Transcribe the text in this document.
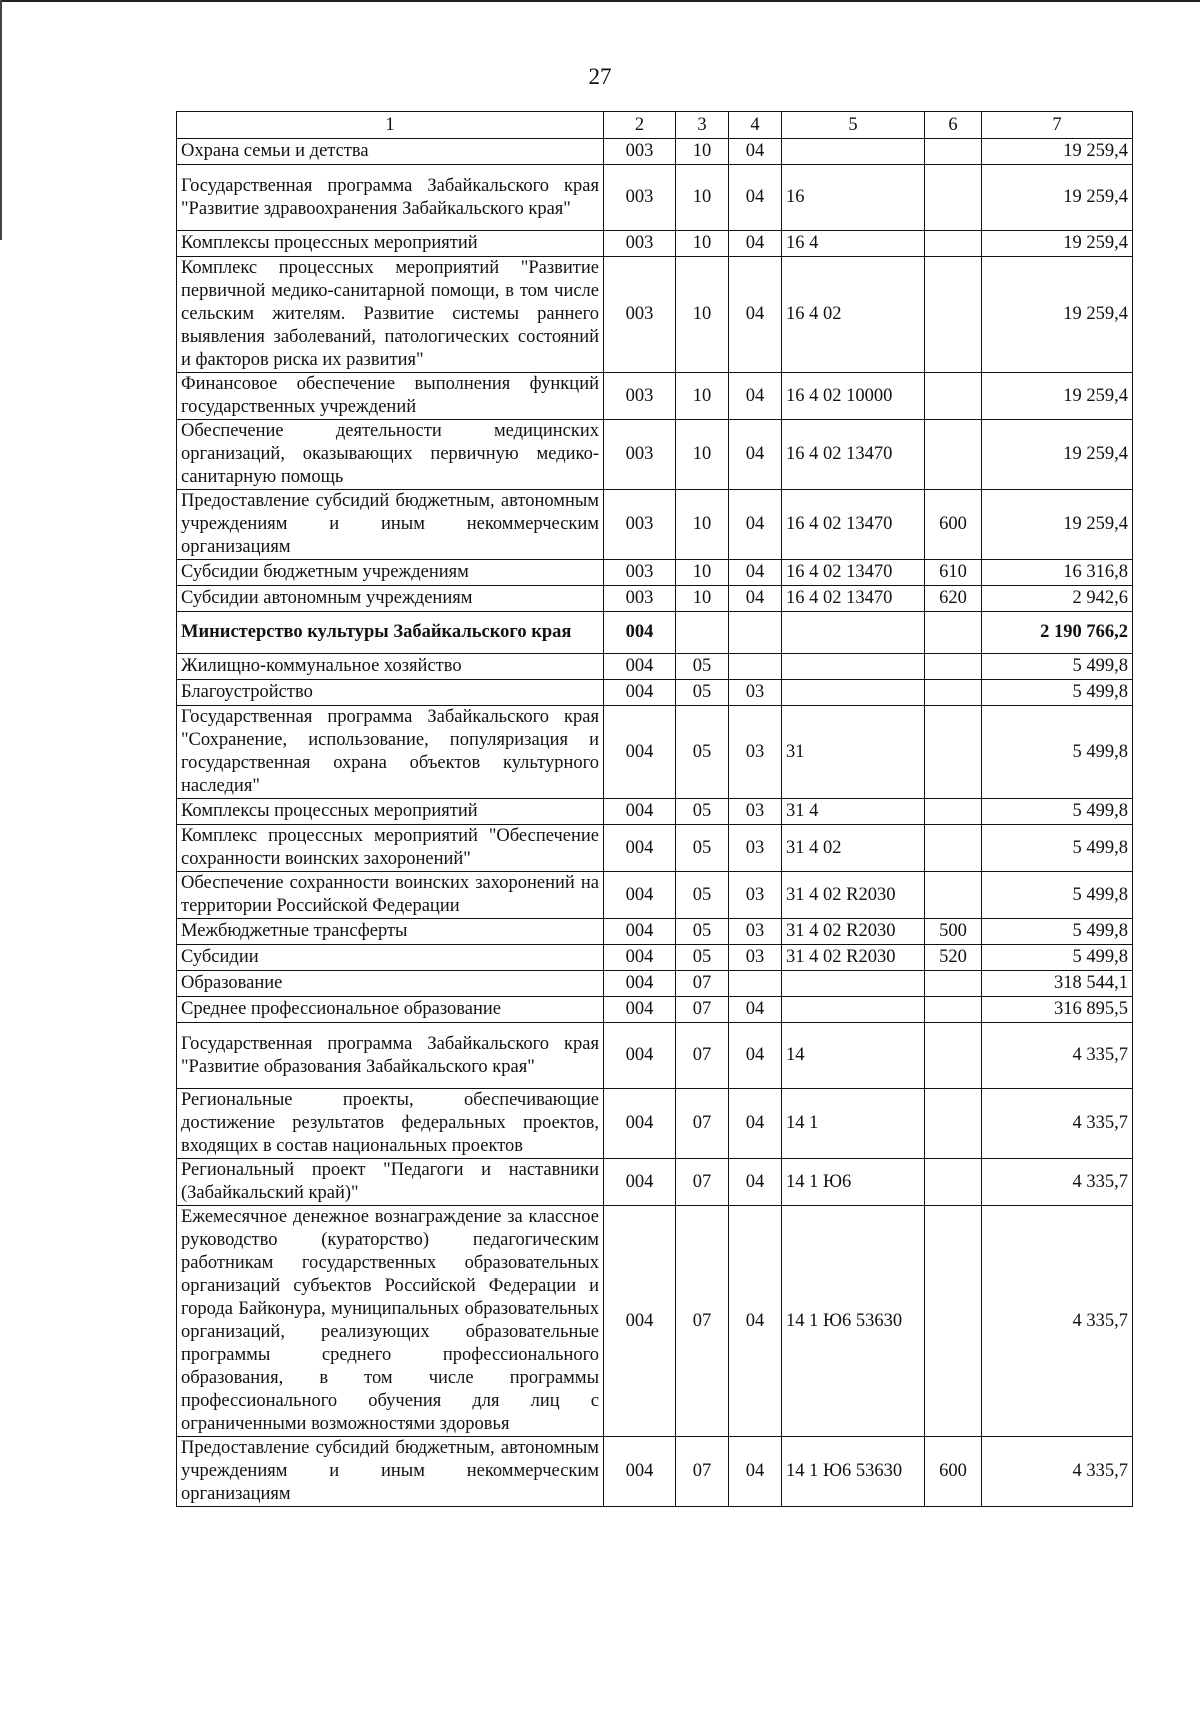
27
1	2	3	4	5	6	7
Охрана семьи и детства	003	10	04			19 259,4
Государственная программа Забайкальского края "Развитие здравоохранения Забайкальского края"	003	10	04	16		19 259,4
Комплексы процессных мероприятий	003	10	04	16 4		19 259,4
Комплекс процессных мероприятий "Развитие первичной медико-санитарной помощи, в том числе сельским жителям. Развитие системы раннего выявления заболеваний, патологических состояний и факторов риска их развития"	003	10	04	16 4 02		19 259,4
Финансовое обеспечение выполнения функций государственных учреждений	003	10	04	16 4 02 10000		19 259,4
Обеспечение деятельности медицинских организаций, оказывающих первичную медико-санитарную помощь	003	10	04	16 4 02 13470		19 259,4
Предоставление субсидий бюджетным, автономным учреждениям и иным некоммерческим организациям	003	10	04	16 4 02 13470	600	19 259,4
Субсидии бюджетным учреждениям	003	10	04	16 4 02 13470	610	16 316,8
Субсидии автономным учреждениям	003	10	04	16 4 02 13470	620	2 942,6
Министерство культуры Забайкальского края	004					2 190 766,2
Жилищно-коммунальное хозяйство	004	05				5 499,8
Благоустройство	004	05	03			5 499,8
Государственная программа Забайкальского края "Сохранение, использование, популяризация и государственная охрана объектов культурного наследия"	004	05	03	31		5 499,8
Комплексы процессных мероприятий	004	05	03	31 4		5 499,8
Комплекс процессных мероприятий "Обеспечение сохранности воинских захоронений"	004	05	03	31 4 02		5 499,8
Обеспечение сохранности воинских захоронений на территории Российской Федерации	004	05	03	31 4 02 R2030		5 499,8
Межбюджетные трансферты	004	05	03	31 4 02 R2030	500	5 499,8
Субсидии	004	05	03	31 4 02 R2030	520	5 499,8
Образование	004	07				318 544,1
Среднее профессиональное образование	004	07	04			316 895,5
Государственная программа Забайкальского края "Развитие образования Забайкальского края"	004	07	04	14		4 335,7
Региональные проекты, обеспечивающие достижение результатов федеральных проектов, входящих в состав национальных проектов	004	07	04	14 1		4 335,7
Региональный проект "Педагоги и наставники (Забайкальский край)"	004	07	04	14 1 Ю6		4 335,7
Ежемесячное денежное вознаграждение за классное руководство (кураторство) педагогическим работникам государственных образовательных организаций субъектов Российской Федерации и города Байконура, муниципальных образовательных организаций, реализующих образовательные программы среднего профессионального образования, в том числе программы профессионального обучения для лиц с ограниченными возможностями здоровья	004	07	04	14 1 Ю6 53630		4 335,7
Предоставление субсидий бюджетным, автономным учреждениям и иным некоммерческим организациям	004	07	04	14 1 Ю6 53630	600	4 335,7
